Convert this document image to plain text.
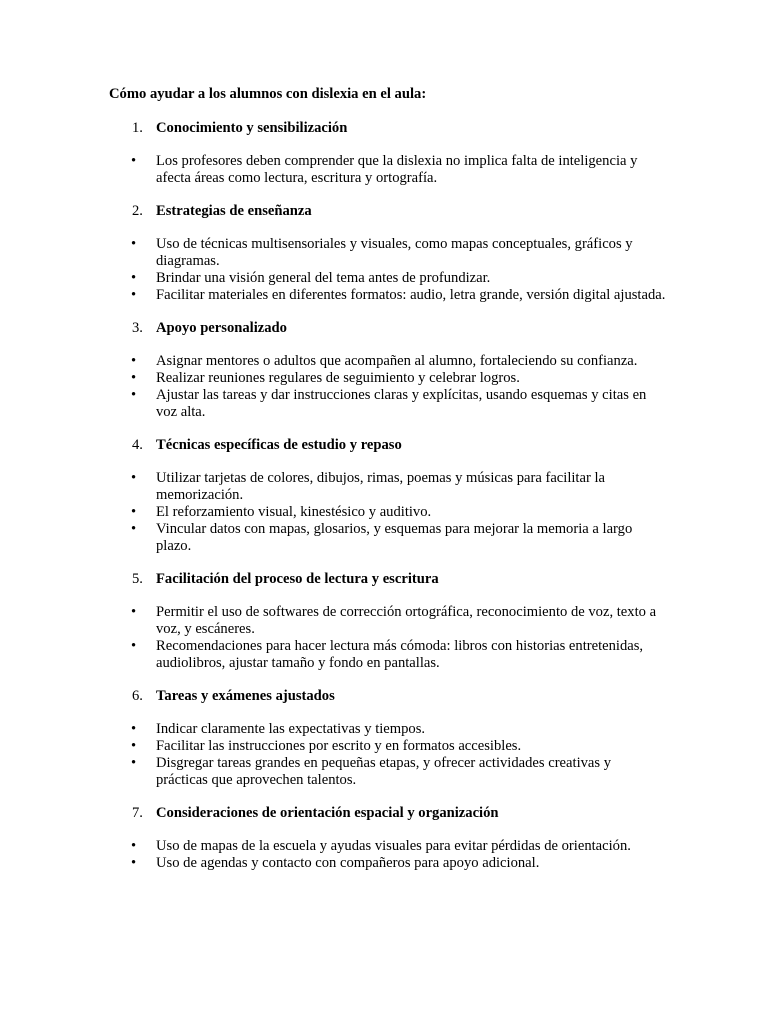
Cómo ayudar a los alumnos con dislexia en el aula:
1. Conocimiento y sensibilización
• Los profesores deben comprender que la dislexia no implica falta de inteligencia y afecta áreas como lectura, escritura y ortografía.
2. Estrategias de enseñanza
• Uso de técnicas multisensoriales y visuales, como mapas conceptuales, gráficos y diagramas.
• Brindar una visión general del tema antes de profundizar.
• Facilitar materiales en diferentes formatos: audio, letra grande, versión digital ajustada.
3. Apoyo personalizado
• Asignar mentores o adultos que acompañen al alumno, fortaleciendo su confianza.
• Realizar reuniones regulares de seguimiento y celebrar logros.
• Ajustar las tareas y dar instrucciones claras y explícitas, usando esquemas y citas en voz alta.
4. Técnicas específicas de estudio y repaso
• Utilizar tarjetas de colores, dibujos, rimas, poemas y músicas para facilitar la memorización.
• El reforzamiento visual, kinestésico y auditivo.
• Vincular datos con mapas, glosarios, y esquemas para mejorar la memoria a largo plazo.
5. Facilitación del proceso de lectura y escritura
• Permitir el uso de softwares de corrección ortográfica, reconocimiento de voz, texto a voz, y escáneres.
• Recomendaciones para hacer lectura más cómoda: libros con historias entretenidas, audiolibros, ajustar tamaño y fondo en pantallas.
6. Tareas y exámenes ajustados
• Indicar claramente las expectativas y tiempos.
• Facilitar las instrucciones por escrito y en formatos accesibles.
• Disgregar tareas grandes en pequeñas etapas, y ofrecer actividades creativas y prácticas que aprovechen talentos.
7. Consideraciones de orientación espacial y organización
• Uso de mapas de la escuela y ayudas visuales para evitar pérdidas de orientación.
• Uso de agendas y contacto con compañeros para apoyo adicional.
